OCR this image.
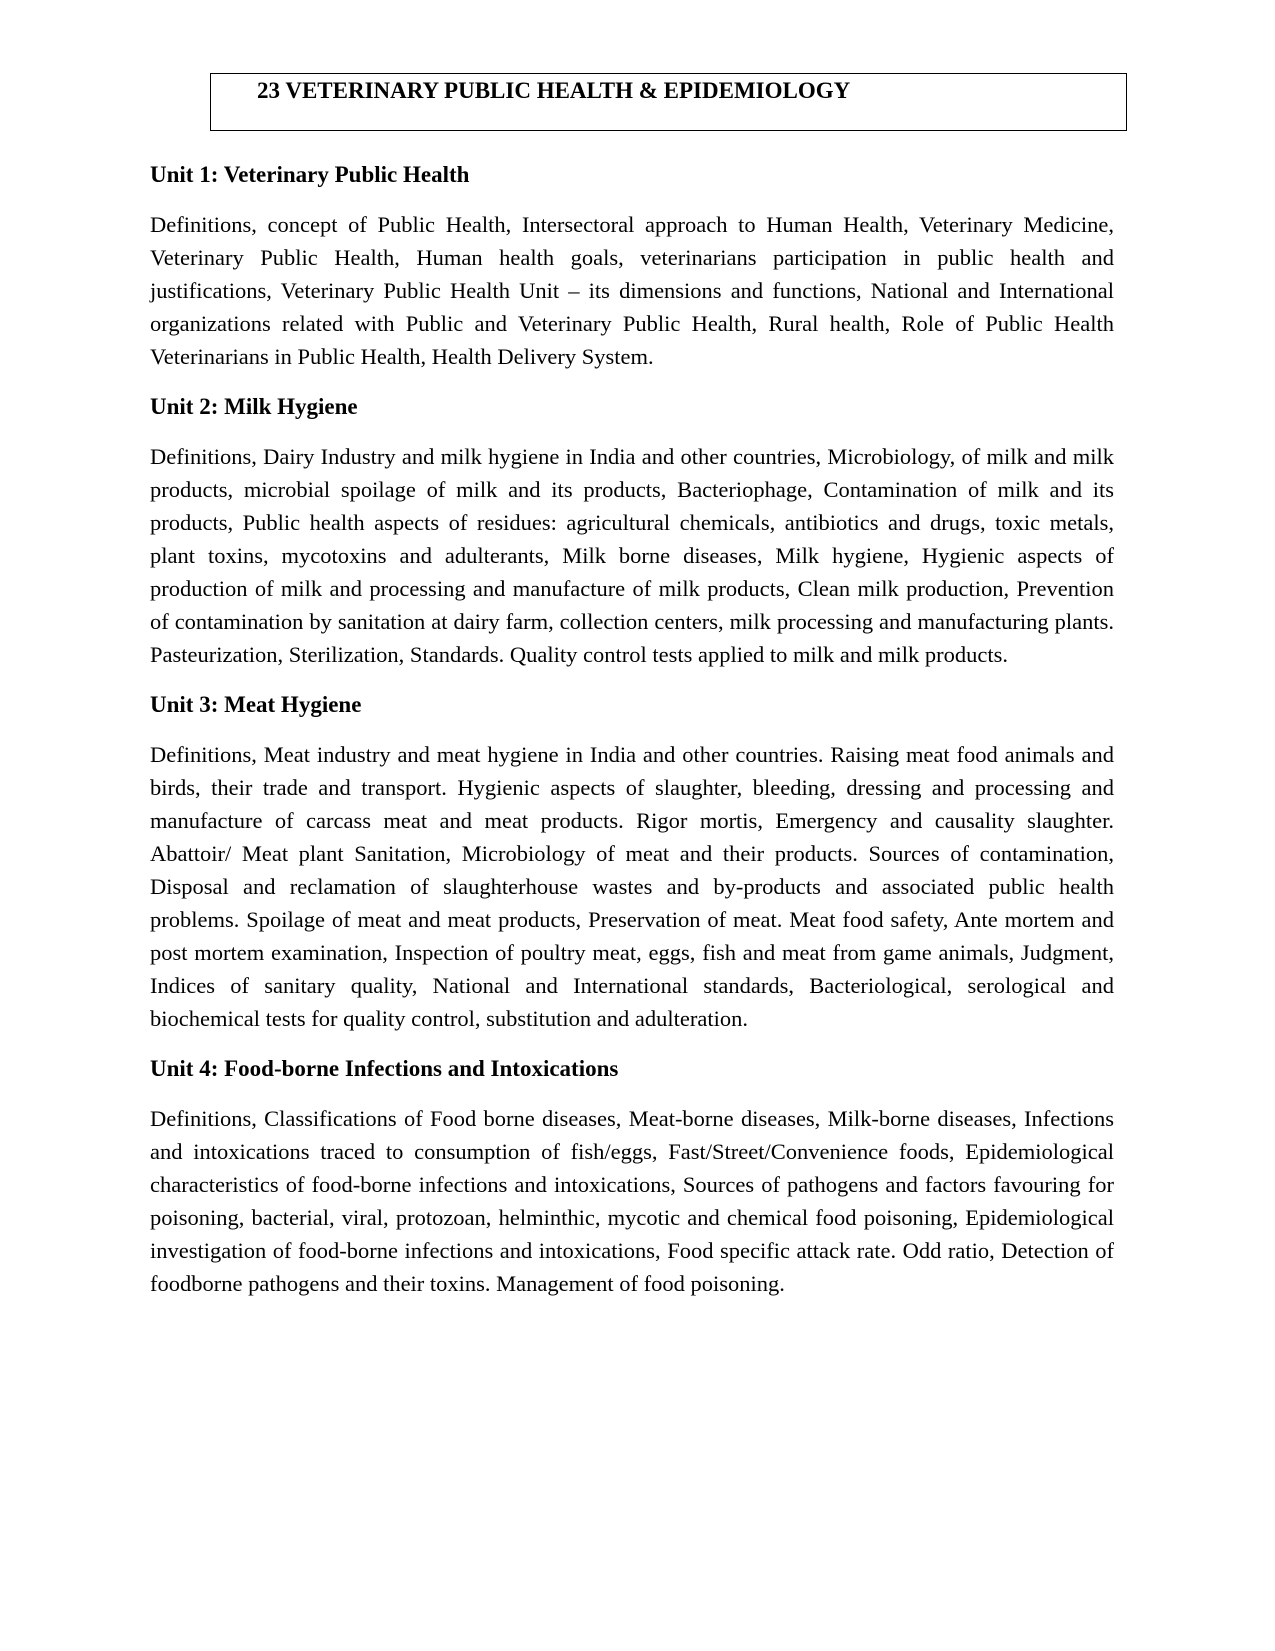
23 VETERINARY PUBLIC HEALTH & EPIDEMIOLOGY
Unit 1: Veterinary Public Health
Definitions, concept of Public Health, Intersectoral approach to Human Health, Veterinary Medicine, Veterinary Public Health, Human health goals, veterinarians participation in public health and justifications, Veterinary Public Health Unit – its dimensions and functions, National and International organizations related with Public and Veterinary Public Health, Rural health, Role of Public Health Veterinarians in Public Health, Health Delivery System.
Unit 2: Milk Hygiene
Definitions, Dairy Industry and milk hygiene in India and other countries, Microbiology, of milk and milk products, microbial spoilage of milk and its products, Bacteriophage, Contamination of milk and its products, Public health aspects of residues: agricultural chemicals, antibiotics and drugs, toxic metals, plant toxins, mycotoxins and adulterants, Milk borne diseases, Milk hygiene, Hygienic aspects of production of milk and processing and manufacture of milk products, Clean milk production, Prevention of contamination by sanitation at dairy farm, collection centers, milk processing and manufacturing plants. Pasteurization, Sterilization, Standards. Quality control tests applied to milk and milk products.
Unit 3: Meat Hygiene
Definitions, Meat industry and meat hygiene in India and other countries. Raising meat food animals and birds, their trade and transport. Hygienic aspects of slaughter, bleeding, dressing and processing and manufacture of carcass meat and meat products. Rigor mortis, Emergency and causality slaughter. Abattoir/ Meat plant Sanitation, Microbiology of meat and their products. Sources of contamination, Disposal and reclamation of slaughterhouse wastes and by-products and associated public health problems. Spoilage of meat and meat products, Preservation of meat. Meat food safety, Ante mortem and post mortem examination, Inspection of poultry meat, eggs, fish and meat from game animals, Judgment, Indices of sanitary quality, National and International standards, Bacteriological, serological and biochemical tests for quality control, substitution and adulteration.
Unit 4: Food-borne Infections and Intoxications
Definitions, Classifications of Food borne diseases, Meat-borne diseases, Milk-borne diseases, Infections and intoxications traced to consumption of fish/eggs, Fast/Street/Convenience foods, Epidemiological characteristics of food-borne infections and intoxications, Sources of pathogens and factors favouring for poisoning, bacterial, viral, protozoan, helminthic, mycotic and chemical food poisoning, Epidemiological investigation of food-borne infections and intoxications, Food specific attack rate. Odd ratio, Detection of foodborne pathogens and their toxins. Management of food poisoning.
